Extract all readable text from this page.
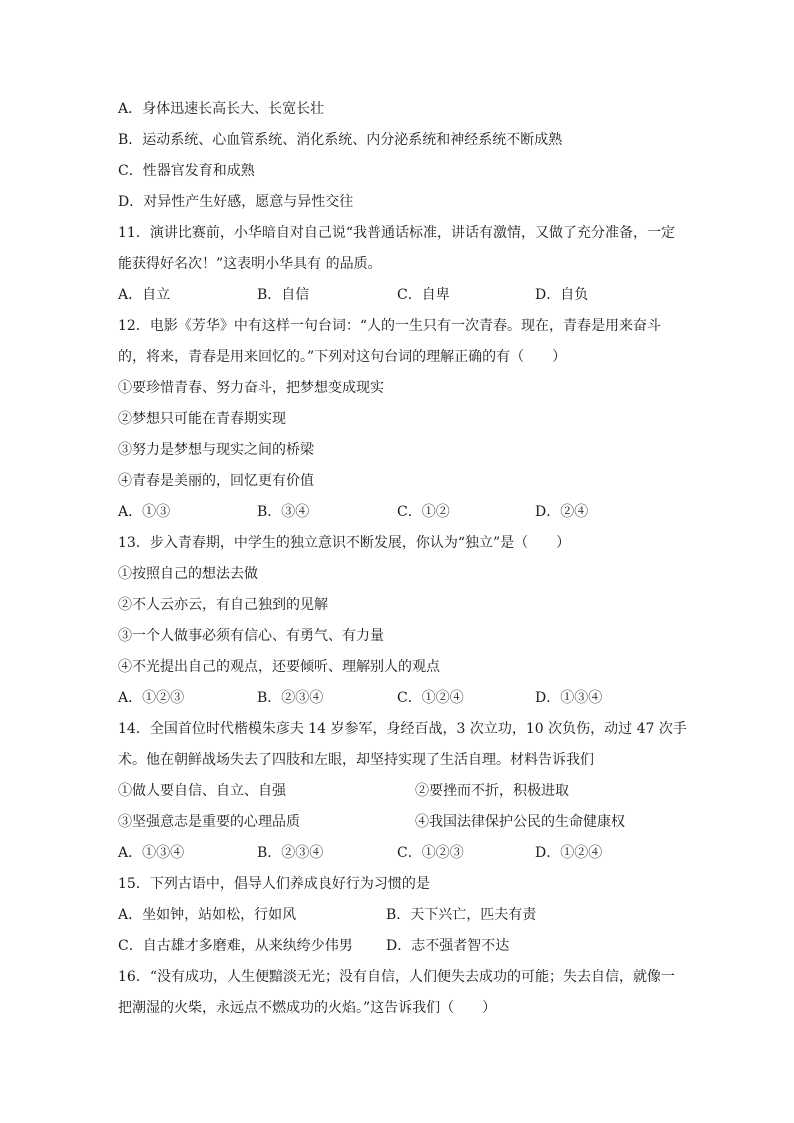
A．身体迅速长高长大、长宽长壮
B．运动系统、心血管系统、消化系统、内分泌系统和神经系统不断成熟
C．性器官发育和成熟
D．对异性产生好感，愿意与异性交往
11．演讲比赛前，小华暗自对自己说“我普通话标准，讲话有激情，又做了充分准备，一定
能获得好名次！”这表明小华具有 的品质。
A．自立	B．自信	C．自卑	D．自负
12．电影《芳华》中有这样一句台词：“人的一生只有一次青春。现在，青春是用来奋斗
的，将来，青春是用来回忆的。”下列对这句台词的理解正确的有（　　）
①要珍惜青春、努力奋斗，把梦想变成现实
②梦想只可能在青春期实现
③努力是梦想与现实之间的桥梁
④青春是美丽的，回忆更有价值
A．①③	B．③④	C．①②	D．②④
13．步入青春期，中学生的独立意识不断发展，你认为“独立”是（　　）
①按照自己的想法去做
②不人云亦云，有自己独到的见解
③一个人做事必须有信心、有勇气、有力量
④不光提出自己的观点，还要倾听、理解别人的观点
A．①②③	B．②③④	C．①②④	D．①③④
14．全国首位时代楷模朱彦夫 14 岁参军，身经百战，3 次立功，10 次负伤，动过 47 次手
术。他在朝鲜战场失去了四肢和左眼，却坚持实现了生活自理。材料告诉我们
①做人要自信、自立、自强	②要挫而不折，积极进取
③坚强意志是重要的心理品质	④我国法律保护公民的生命健康权
A．①③④	B．②③④	C．①②③	D．①②④
15．下列古语中，倡导人们养成良好行为习惯的是
A．坐如钟，站如松，行如风	B．天下兴亡，匹夫有责
C．自古雄才多磨难，从来纨绔少伟男 D．志不强者智不达
16．“没有成功，人生便黯淡无光；没有自信，人们便失去成功的可能；失去自信，就像一
把潮湿的火柴，永远点不燃成功的火焰。”这告诉我们（　　）
